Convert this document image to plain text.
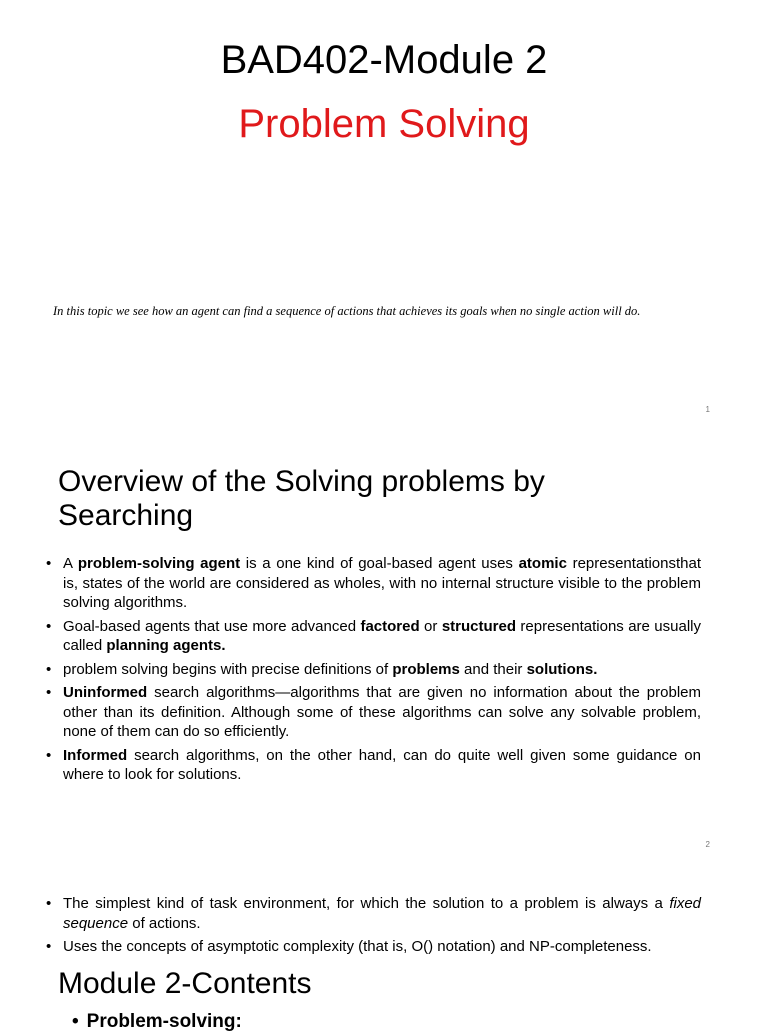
BAD402-Module 2
Problem Solving
In this topic we see how an agent can find a sequence of actions that achieves its goals when no single action will do.
1
Overview of the Solving problems by
Searching
• A problem-solving agent is a one kind of goal-based agent uses atomic representationsthat is, states of the world are considered as wholes, with no internal structure visible to the problem solving algorithms.
• Goal-based agents that use more advanced factored or structured representations are usually called planning agents.
• problem solving begins with precise definitions of problems and their solutions.
• Uninformed search algorithms—algorithms that are given no information about the problem other than its definition. Although some of these algorithms can solve any solvable problem, none of them can do so efficiently.
• Informed search algorithms, on the other hand, can do quite well given some guidance on where to look for solutions.
2
• The simplest kind of task environment, for which the solution to a problem is always a fixed sequence of actions.
• Uses the concepts of asymptotic complexity (that is, O() notation) and NP-completeness.
Module 2-Contents
• Problem-solving:
